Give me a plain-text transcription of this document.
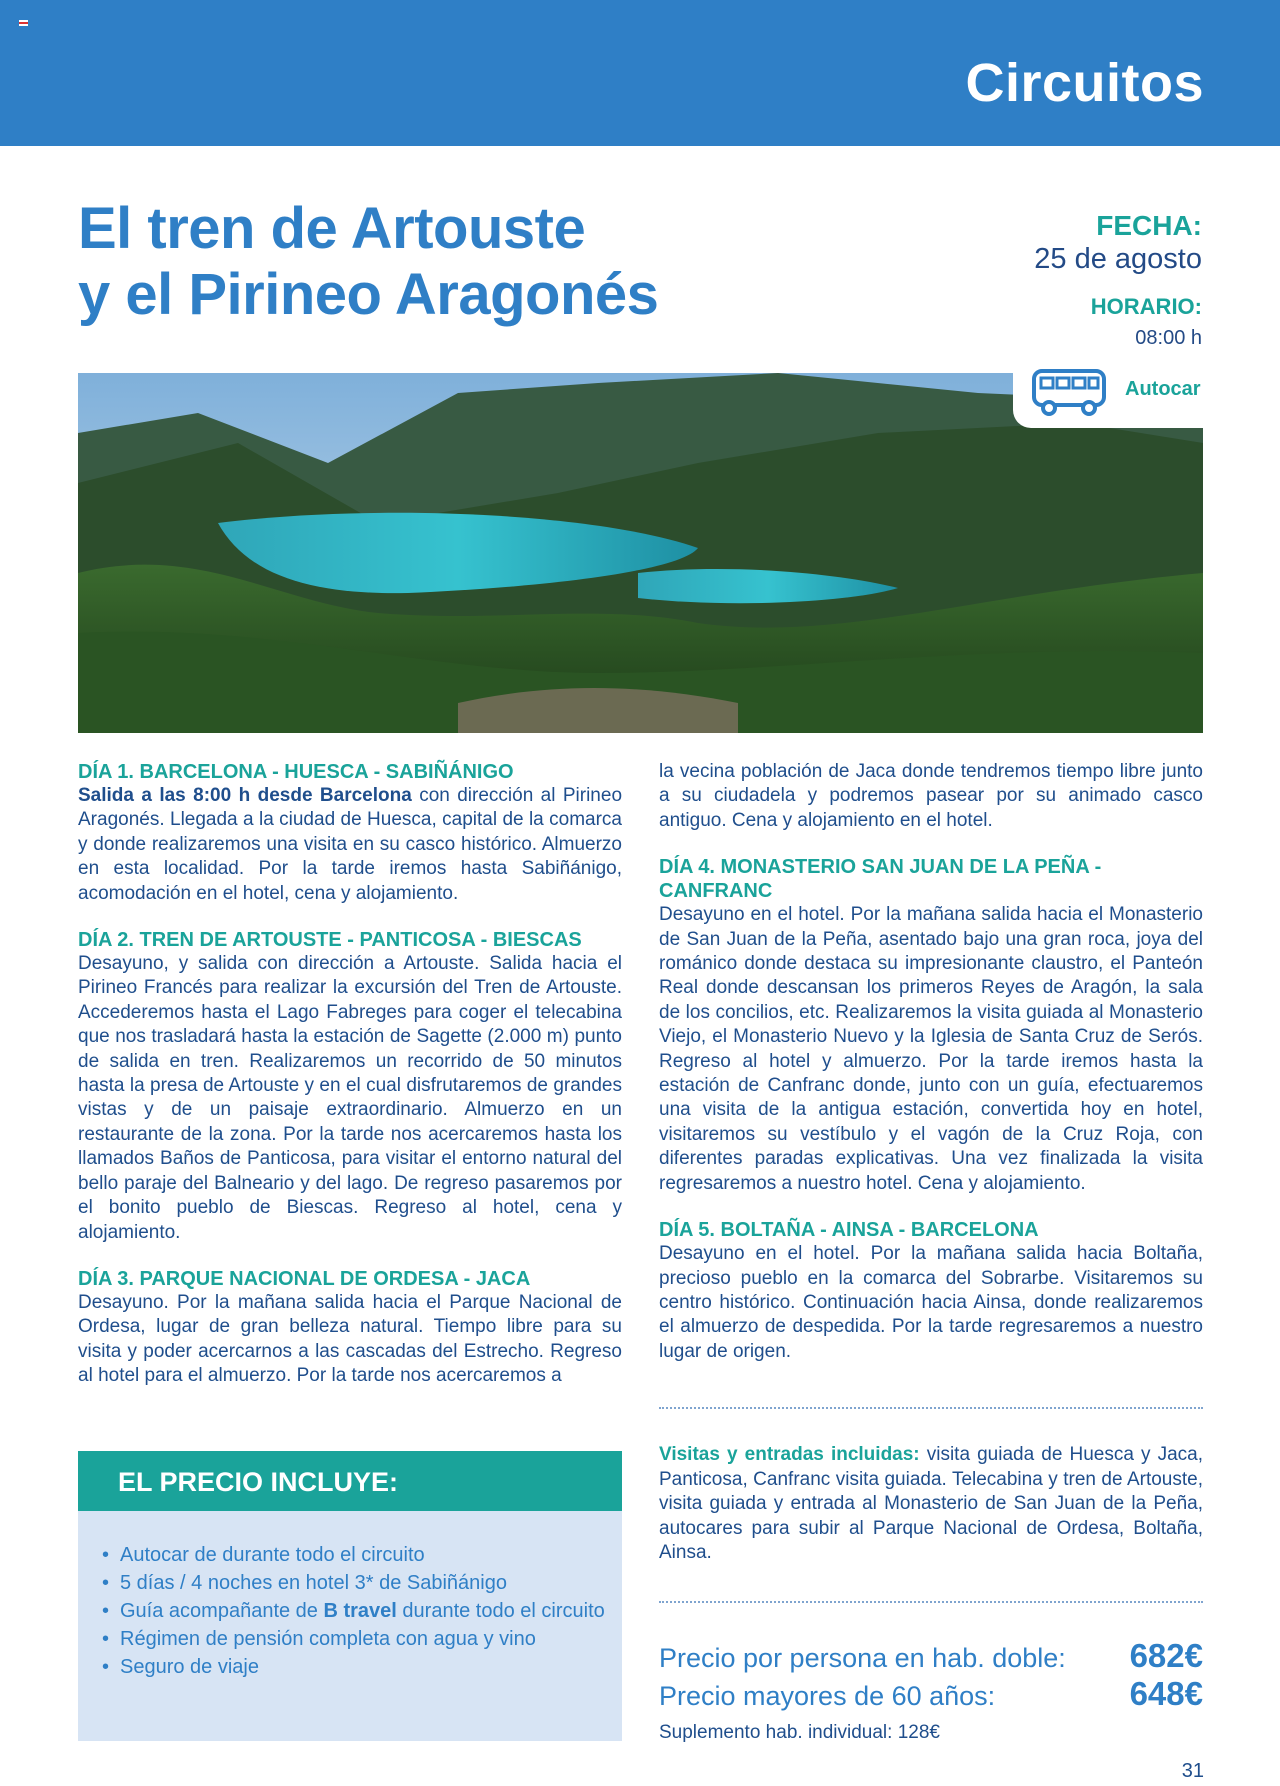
Circuitos
El tren de Artouste
y el Pirineo Aragonés
FECHA:
25 de agosto
HORARIO:
08:00 h
Autocar
DÍA 1. BARCELONA - HUESCA - SABIÑÁNIGO

Salida a las 8:00 h desde Barcelona con dirección al Pirineo Aragonés. Llegada a la ciudad de Huesca, capital de la comarca y donde realizaremos una visita en su casco histórico. Almuerzo en esta localidad. Por la tarde iremos hasta Sabiñánigo, acomodación en el hotel, cena y alojamiento.

DÍA 2. TREN DE ARTOUSTE - PANTICOSA - BIESCAS

Desayuno, y salida con dirección a Artouste. Salida hacia el Pirineo Francés para realizar la excursión del Tren de Artouste. Accederemos hasta el Lago Fabreges para coger el telecabina que nos trasladará hasta la estación de Sagette (2.000 m) punto de salida en tren. Realizaremos un recorrido de 50 minutos hasta la presa de Artouste y en el cual disfrutaremos de grandes vistas y de un paisaje extraordinario. Almuerzo en un restaurante de la zona. Por la tarde nos acercaremos hasta los llamados Baños de Panticosa, para visitar el entorno natural del bello paraje del Balneario y del lago. De regreso pasaremos por el bonito pueblo de Biescas. Regreso al hotel, cena y alojamiento.

DÍA 3. PARQUE NACIONAL DE ORDESA - JACA

Desayuno. Por la mañana salida hacia el Parque Nacional de Ordesa, lugar de gran belleza natural. Tiempo libre para su visita y poder acercarnos a las cascadas del Estrecho. Regreso al hotel para el almuerzo. Por la tarde nos acercaremos a

la vecina población de Jaca donde tendremos tiempo libre junto a su ciudadela y podremos pasear por su animado casco antiguo. Cena y alojamiento en el hotel.

DÍA 4. MONASTERIO SAN JUAN DE LA PEÑA - CANFRANC

Desayuno en el hotel. Por la mañana salida hacia el Monasterio de San Juan de la Peña, asentado bajo una gran roca, joya del románico donde destaca su impresionante claustro, el Panteón Real donde descansan los primeros Reyes de Aragón, la sala de los concilios, etc. Realizaremos la visita guiada al Monasterio Viejo, el Monasterio Nuevo y la Iglesia de Santa Cruz de Serós. Regreso al hotel y almuerzo. Por la tarde iremos hasta la estación de Canfranc donde, junto con un guía, efectuaremos una visita de la antigua estación, convertida hoy en hotel, visitaremos su vestíbulo y el vagón de la Cruz Roja, con diferentes paradas explicativas. Una vez finalizada la visita regresaremos a nuestro hotel. Cena y alojamiento.

DÍA 5. BOLTAÑA - AINSA - BARCELONA

Desayuno en el hotel. Por la mañana salida hacia Boltaña, precioso pueblo en la comarca del Sobrarbe. Visitaremos su centro histórico. Continuación hacia Ainsa, donde realizaremos el almuerzo de despedida. Por la tarde regresaremos a nuestro lugar de origen.

EL PRECIO INCLUYE:
• Autocar de durante todo el circuito
• 5 días / 4 noches en hotel 3* de Sabiñánigo
• Guía acompañante de B travel durante todo el circuito
• Régimen de pensión completa con agua y vino
• Seguro de viaje

Visitas y entradas incluidas: visita guiada de Huesca y Jaca, Panticosa, Canfranc visita guiada. Telecabina y tren de Artouste, visita guiada y entrada al Monasterio de San Juan de la Peña, autocares para subir al Parque Nacional de Ordesa, Boltaña, Ainsa.

Precio por persona en hab. doble: 682€
Precio mayores de 60 años:	648€
Suplemento hab. individual: 128€
31
